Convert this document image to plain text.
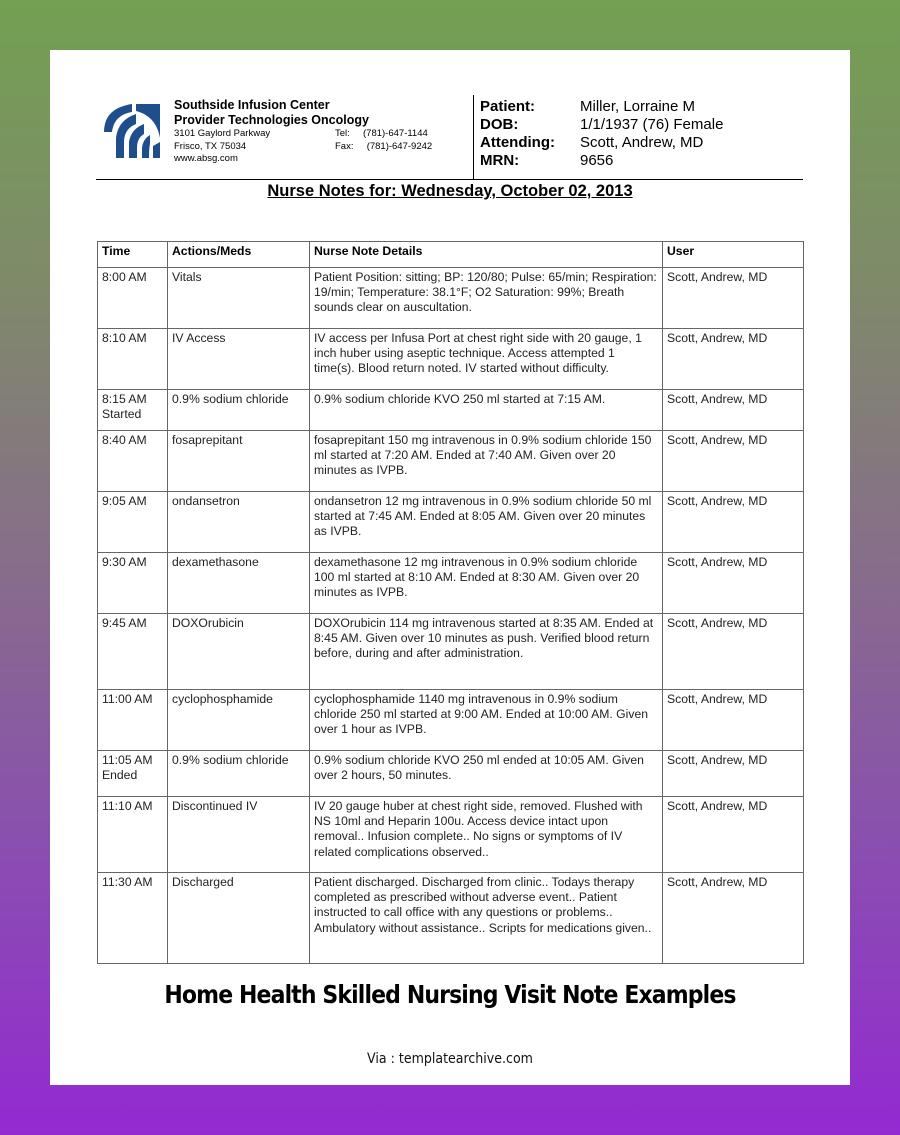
Southside Infusion Center
Provider Technologies Oncology
3101 Gaylord Parkway	Tel: (781)-647-1144
Frisco, TX 75034	Fax: (781)-647-9242
www.absg.com
Patient:	Miller, Lorraine M
DOB:	1/1/1937 (76) Female
Attending: Scott, Andrew, MD
MRN:	9656
Nurse Notes for: Wednesday, October 02, 2013
Time	Actions/Meds	Nurse Note Details	User
8:00 AM	Vitals	Patient Position: sitting; BP: 120/80; Pulse: 65/min; Respiration: 19/min; Temperature: 38.1°F; O2 Saturation: 99%; Breath sounds clear on auscultation.	Scott, Andrew, MD
8:10 AM	IV Access	IV access per Infusa Port at chest right side with 20 gauge, 1 inch huber using aseptic technique. Access attempted 1 time(s). Blood return noted. IV started without difficulty.	Scott, Andrew, MD
8:15 AM Started	0.9% sodium chloride	0.9% sodium chloride KVO 250 ml started at 7:15 AM.	Scott, Andrew, MD
8:40 AM	fosaprepitant	fosaprepitant 150 mg intravenous in 0.9% sodium chloride 150 ml started at 7:20 AM. Ended at 7:40 AM. Given over 20 minutes as IVPB.	Scott, Andrew, MD
9:05 AM	ondansetron	ondansetron 12 mg intravenous in 0.9% sodium chloride 50 ml started at 7:45 AM. Ended at 8:05 AM. Given over 20 minutes as IVPB.	Scott, Andrew, MD
9:30 AM	dexamethasone	dexamethasone 12 mg intravenous in 0.9% sodium chloride 100 ml started at 8:10 AM. Ended at 8:30 AM. Given over 20 minutes as IVPB.	Scott, Andrew, MD
9:45 AM	DOXOrubicin	DOXOrubicin 114 mg intravenous started at 8:35 AM. Ended at 8:45 AM. Given over 10 minutes as push. Verified blood return before, during and after administration.	Scott, Andrew, MD
11:00 AM	cyclophosphamide	cyclophosphamide 1140 mg intravenous in 0.9% sodium chloride 250 ml started at 9:00 AM. Ended at 10:00 AM. Given over 1 hour as IVPB.	Scott, Andrew, MD
11:05 AM Ended	0.9% sodium chloride	0.9% sodium chloride KVO 250 ml ended at 10:05 AM. Given over 2 hours, 50 minutes.	Scott, Andrew, MD
11:10 AM	Discontinued IV	IV 20 gauge huber at chest right side, removed. Flushed with NS 10ml and Heparin 100u. Access device intact upon removal.. Infusion complete.. No signs or symptoms of IV related complications observed..	Scott, Andrew, MD
11:30 AM	Discharged	Patient discharged. Discharged from clinic.. Todays therapy completed as prescribed without adverse event.. Patient instructed to call office with any questions or problems.. Ambulatory without assistance.. Scripts for medications given..	Scott, Andrew, MD
Home Health Skilled Nursing Visit Note Examples
Via : templatearchive.com
